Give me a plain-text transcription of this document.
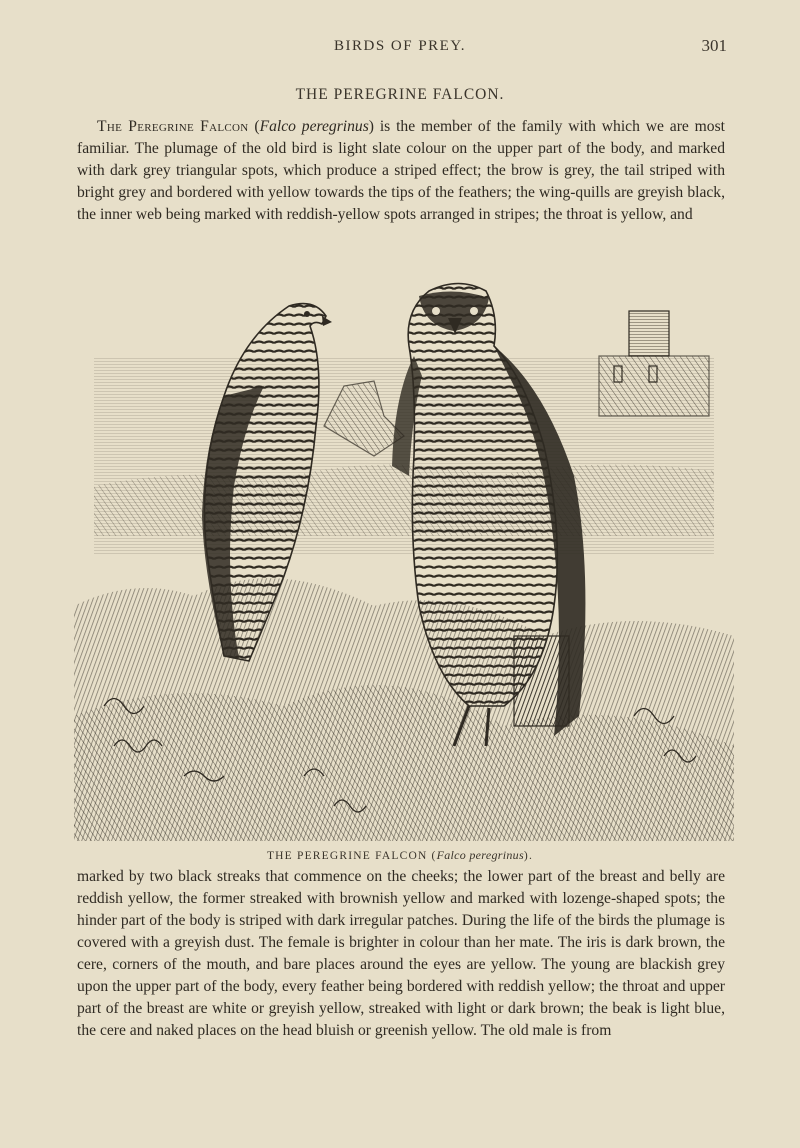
BIRDS OF PREY.	301
THE PEREGRINE FALCON.

The Peregrine Falcon (Falco peregrinus) is the member of the family with which we are most familiar. The plumage of the old bird is light slate colour on the upper part of the body, and marked with dark grey triangular spots, which produce a striped effect; the brow is grey, the tail striped with bright grey and bordered with yellow towards the tips of the feathers; the wing-quills are greyish black, the inner web being marked with reddish-yellow spots arranged in stripes; the throat is yellow, and

THE PEREGRINE FALCON (Falco peregrinus).

marked by two black streaks that commence on the cheeks; the lower part of the breast and belly are reddish yellow, the former streaked with brownish yellow and marked with lozenge-shaped spots; the hinder part of the body is striped with dark irregular patches. During the life of the birds the plumage is covered with a greyish dust. The female is brighter in colour than her mate. The iris is dark brown, the cere, corners of the mouth, and bare places around the eyes are yellow. The young are blackish grey upon the upper part of the body, every feather being bordered with reddish yellow; the throat and upper part of the breast are white or greyish yellow, streaked with light or dark brown; the beak is light blue, the cere and naked places on the head bluish or greenish yellow. The old male is from
